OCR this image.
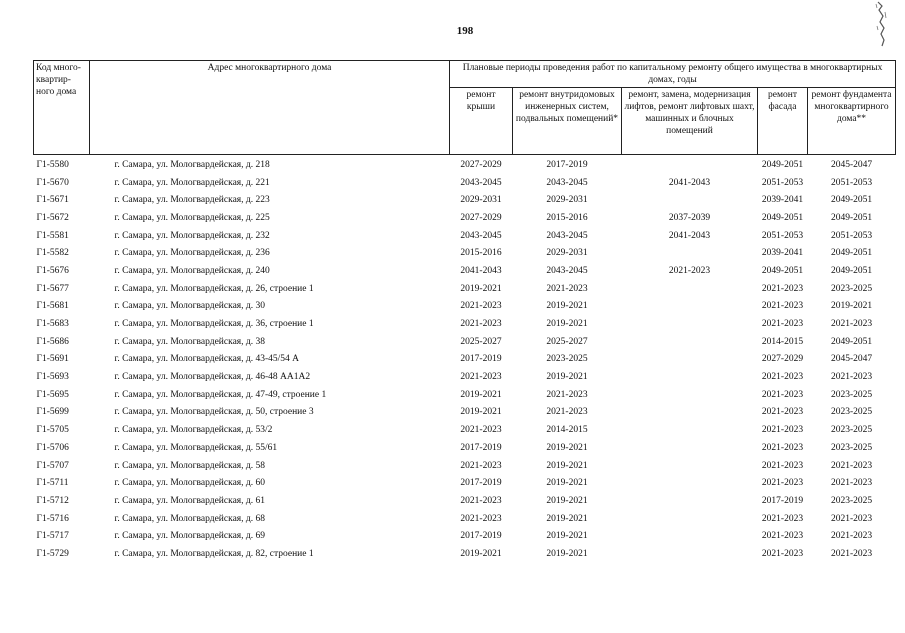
198
Код много-квартир-ного дома	Адрес многоквартирного дома	Плановые периоды проведения работ по капитальному ремонту общего имущества в многоквартирных домах, годы				
		ремонт крыши	ремонт внутридомовых инженерных систем, подвальных помещений*	ремонт, замена, модернизация лифтов, ремонт лифтовых шахт, машинных и блочных помещений	ремонт фасада	ремонт фундамента многоквартирного дома**
Г1-5580	г. Самара, ул. Мологвардейская, д. 218	2027-2029	2017-2019		2049-2051	2045-2047
Г1-5670	г. Самара, ул. Мологвардейская, д. 221	2043-2045	2043-2045	2041-2043	2051-2053	2051-2053
Г1-5671	г. Самара, ул. Мологвардейская, д. 223	2029-2031	2029-2031		2039-2041	2049-2051
Г1-5672	г. Самара, ул. Мологвардейская, д. 225	2027-2029	2015-2016	2037-2039	2049-2051	2049-2051
Г1-5581	г. Самара, ул. Мологвардейская, д. 232	2043-2045	2043-2045	2041-2043	2051-2053	2051-2053
Г1-5582	г. Самара, ул. Мологвардейская, д. 236	2015-2016	2029-2031		2039-2041	2049-2051
Г1-5676	г. Самара, ул. Мологвардейская, д. 240	2041-2043	2043-2045	2021-2023	2049-2051	2049-2051
Г1-5677	г. Самара, ул. Мологвардейская, д. 26, строение 1	2019-2021	2021-2023		2021-2023	2023-2025
Г1-5681	г. Самара, ул. Мологвардейская, д. 30	2021-2023	2019-2021		2021-2023	2019-2021
Г1-5683	г. Самара, ул. Мологвардейская, д. 36, строение 1	2021-2023	2019-2021		2021-2023	2021-2023
Г1-5686	г. Самара, ул. Мологвардейская, д. 38	2025-2027	2025-2027		2014-2015	2049-2051
Г1-5691	г. Самара, ул. Мологвардейская, д. 43-45/54 А	2017-2019	2023-2025		2027-2029	2045-2047
Г1-5693	г. Самара, ул. Мологвардейская, д. 46-48 АА1А2	2021-2023	2019-2021		2021-2023	2021-2023
Г1-5695	г. Самара, ул. Мологвардейская, д. 47-49, строение 1	2019-2021	2021-2023		2021-2023	2023-2025
Г1-5699	г. Самара, ул. Мологвардейская, д. 50, строение 3	2019-2021	2021-2023		2021-2023	2023-2025
Г1-5705	г. Самара, ул. Мологвардейская, д. 53/2	2021-2023	2014-2015		2021-2023	2023-2025
Г1-5706	г. Самара, ул. Мологвардейская, д. 55/61	2017-2019	2019-2021		2021-2023	2023-2025
Г1-5707	г. Самара, ул. Мологвардейская, д. 58	2021-2023	2019-2021		2021-2023	2021-2023
Г1-5711	г. Самара, ул. Мологвардейская, д. 60	2017-2019	2019-2021		2021-2023	2021-2023
Г1-5712	г. Самара, ул. Мологвардейская, д. 61	2021-2023	2019-2021		2017-2019	2023-2025
Г1-5716	г. Самара, ул. Мологвардейская, д. 68	2021-2023	2019-2021		2021-2023	2021-2023
Г1-5717	г. Самара, ул. Мологвардейская, д. 69	2017-2019	2019-2021		2021-2023	2021-2023
Г1-5729	г. Самара, ул. Мологвардейская, д. 82, строение 1	2019-2021	2019-2021		2021-2023	2021-2023
